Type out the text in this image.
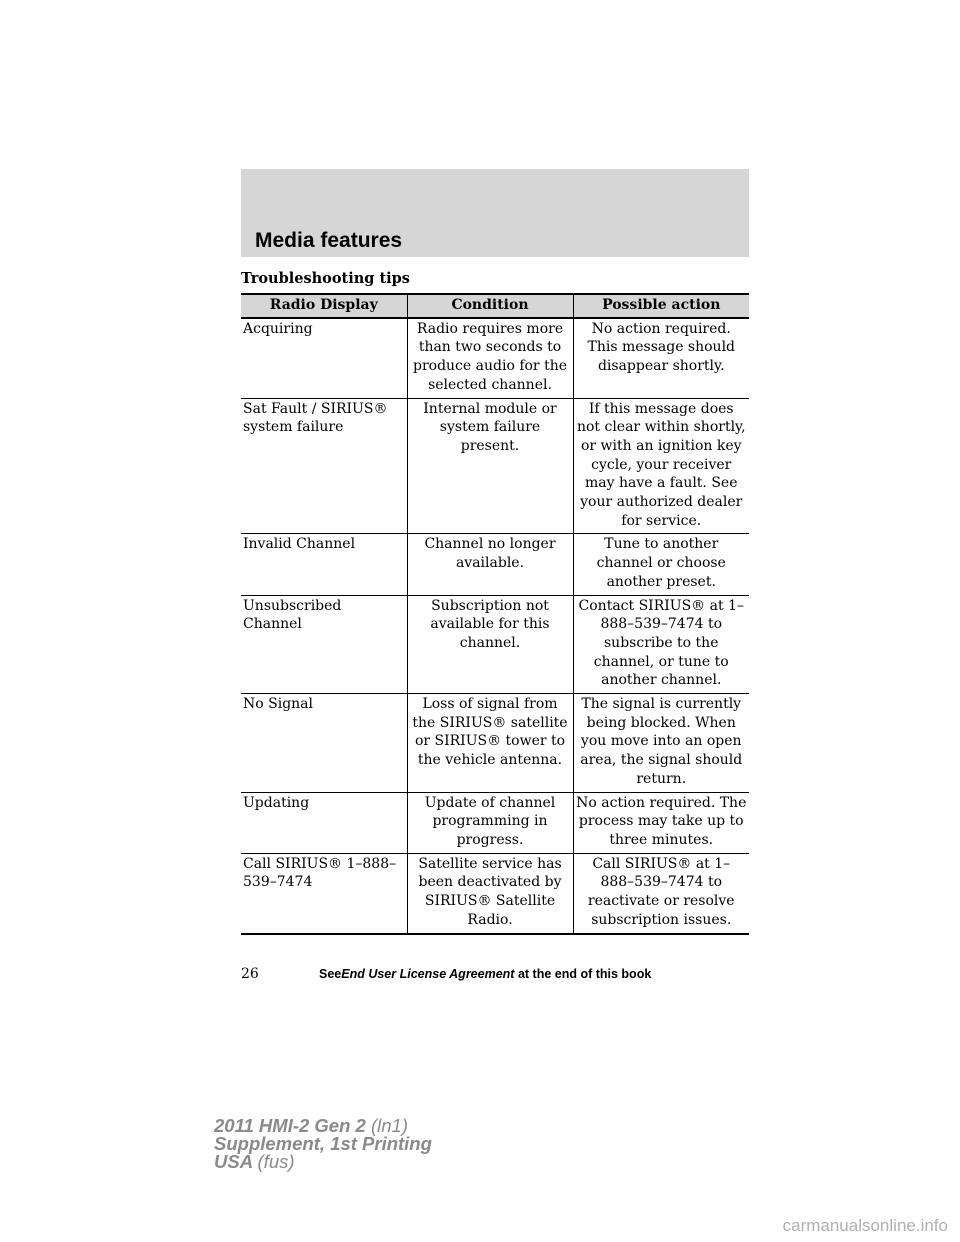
Media features
Troubleshooting tips
Radio Display	Condition	Possible action
Acquiring	Radio requires more than two seconds to produce audio for the selected channel.	No action required. This message should disappear shortly.
Sat Fault / SIRIUS® system failure	Internal module or system failure present.	If this message does not clear within shortly, or with an ignition key cycle, your receiver may have a fault. See your authorized dealer for service.
Invalid Channel	Channel no longer available.	Tune to another channel or choose another preset.
Unsubscribed Channel	Subscription not available for this channel.	Contact SIRIUS® at 1–888–539–7474 to subscribe to the channel, or tune to another channel.
No Signal	Loss of signal from the SIRIUS® satellite or SIRIUS® tower to the vehicle antenna.	The signal is currently being blocked. When you move into an open area, the signal should return.
Updating	Update of channel programming in progress.	No action required. The process may take up to three minutes.
Call SIRIUS® 1–888–539–7474	Satellite service has been deactivated by SIRIUS® Satellite Radio.	Call SIRIUS® at 1–888–539–7474 to reactivate or resolve subscription issues.
26	SeeEnd User License Agreement at the end of this book
2011 HMI-2 Gen 2 (ln1)
Supplement, 1st Printing
USA (fus)
carmanualsonline.info
